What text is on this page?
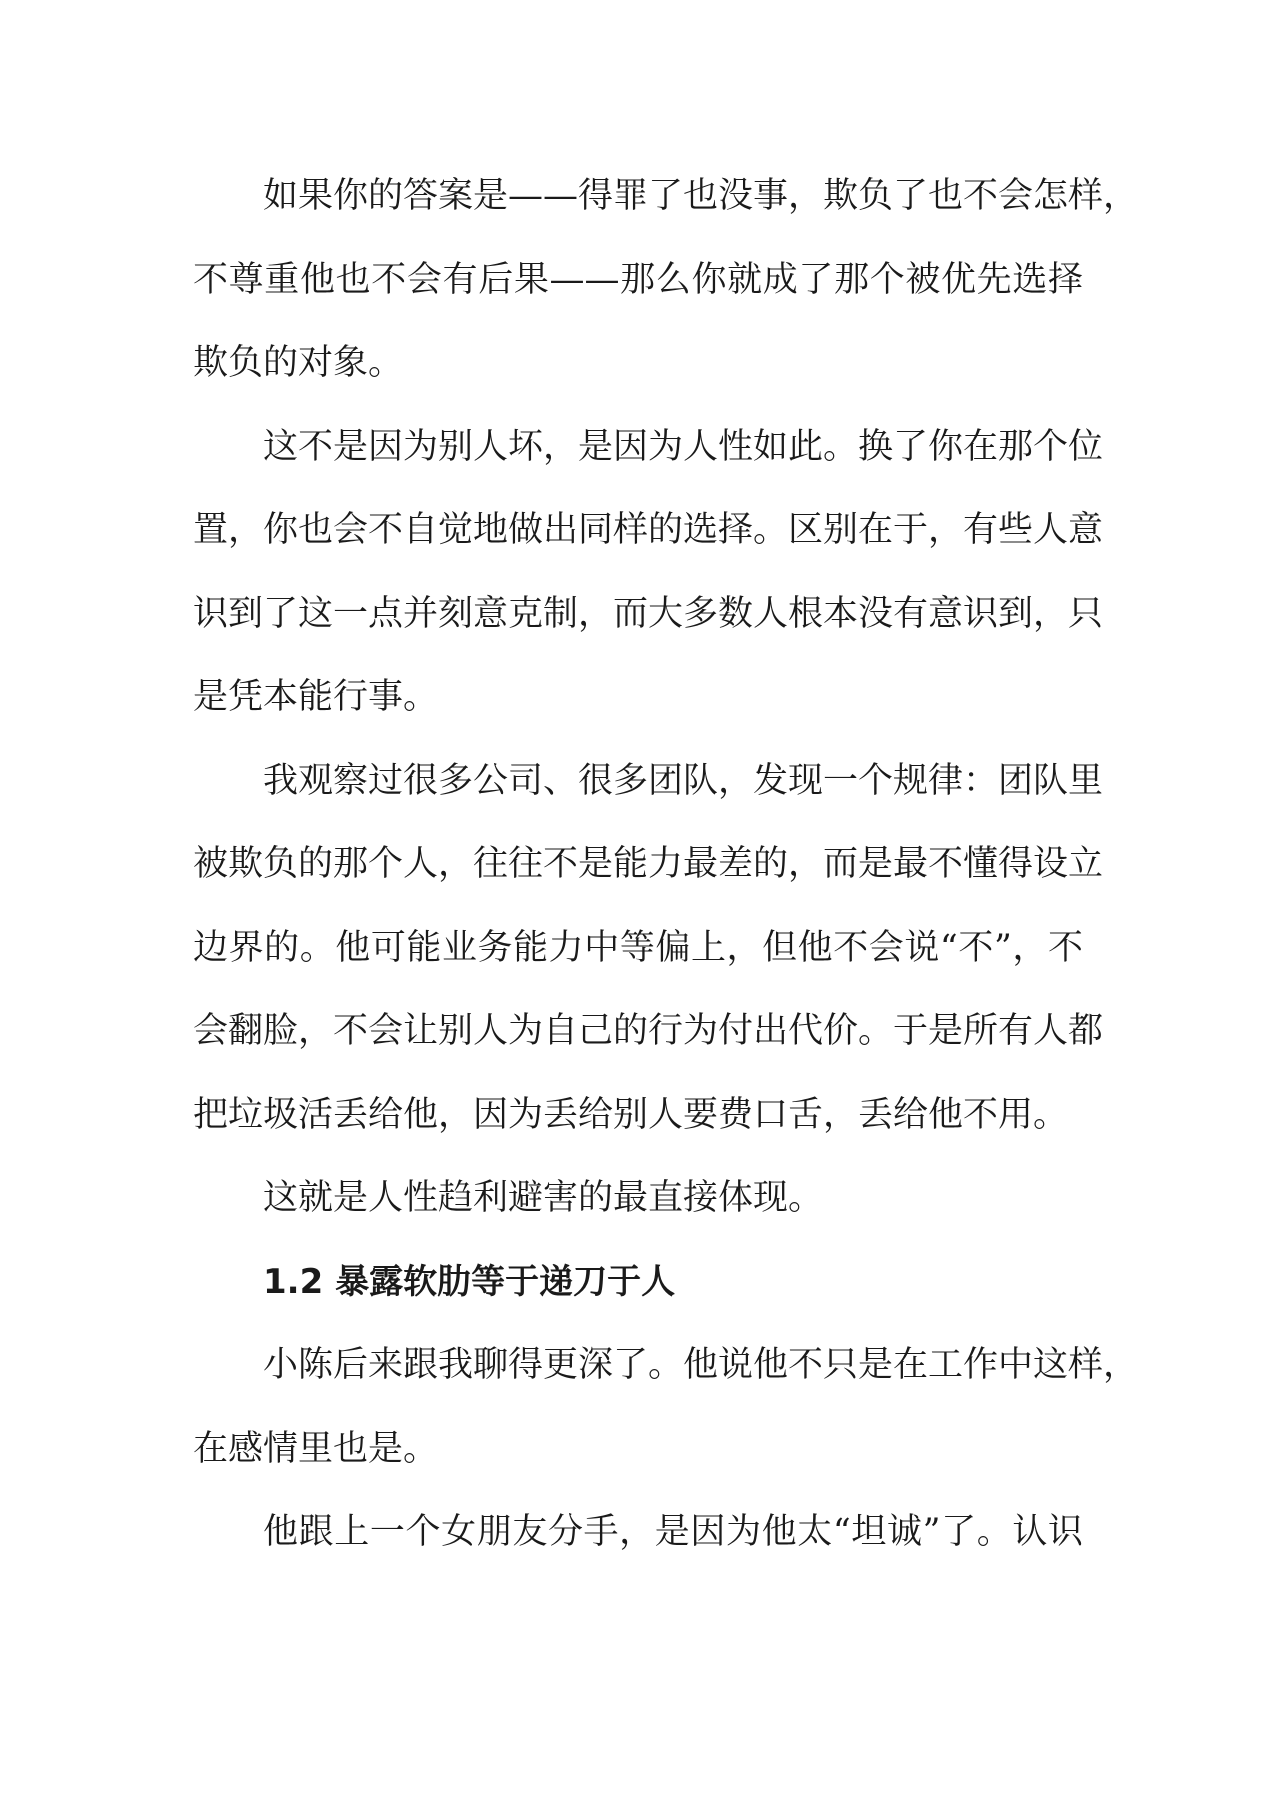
如果你的答案是——得罪了也没事，欺负了也不会怎样，
不尊重他也不会有后果——那么你就成了那个被优先选择
欺负的对象。
这不是因为别人坏，是因为人性如此。换了你在那个位
置，你也会不自觉地做出同样的选择。区别在于，有些人意
识到了这一点并刻意克制，而大多数人根本没有意识到，只
是凭本能行事。
我观察过很多公司、很多团队，发现一个规律：团队里
被欺负的那个人，往往不是能力最差的，而是最不懂得设立
边界的。他可能业务能力中等偏上，但他不会说“不”，不
会翻脸，不会让别人为自己的行为付出代价。于是所有人都
把垃圾活丢给他，因为丢给别人要费口舌，丢给他不用。
这就是人性趋利避害的最直接体现。
1.2 暴露软肋等于递刀于人
小陈后来跟我聊得更深了。他说他不只是在工作中这样，
在感情里也是。
他跟上一个女朋友分手，是因为他太“坦诚”了。认识
